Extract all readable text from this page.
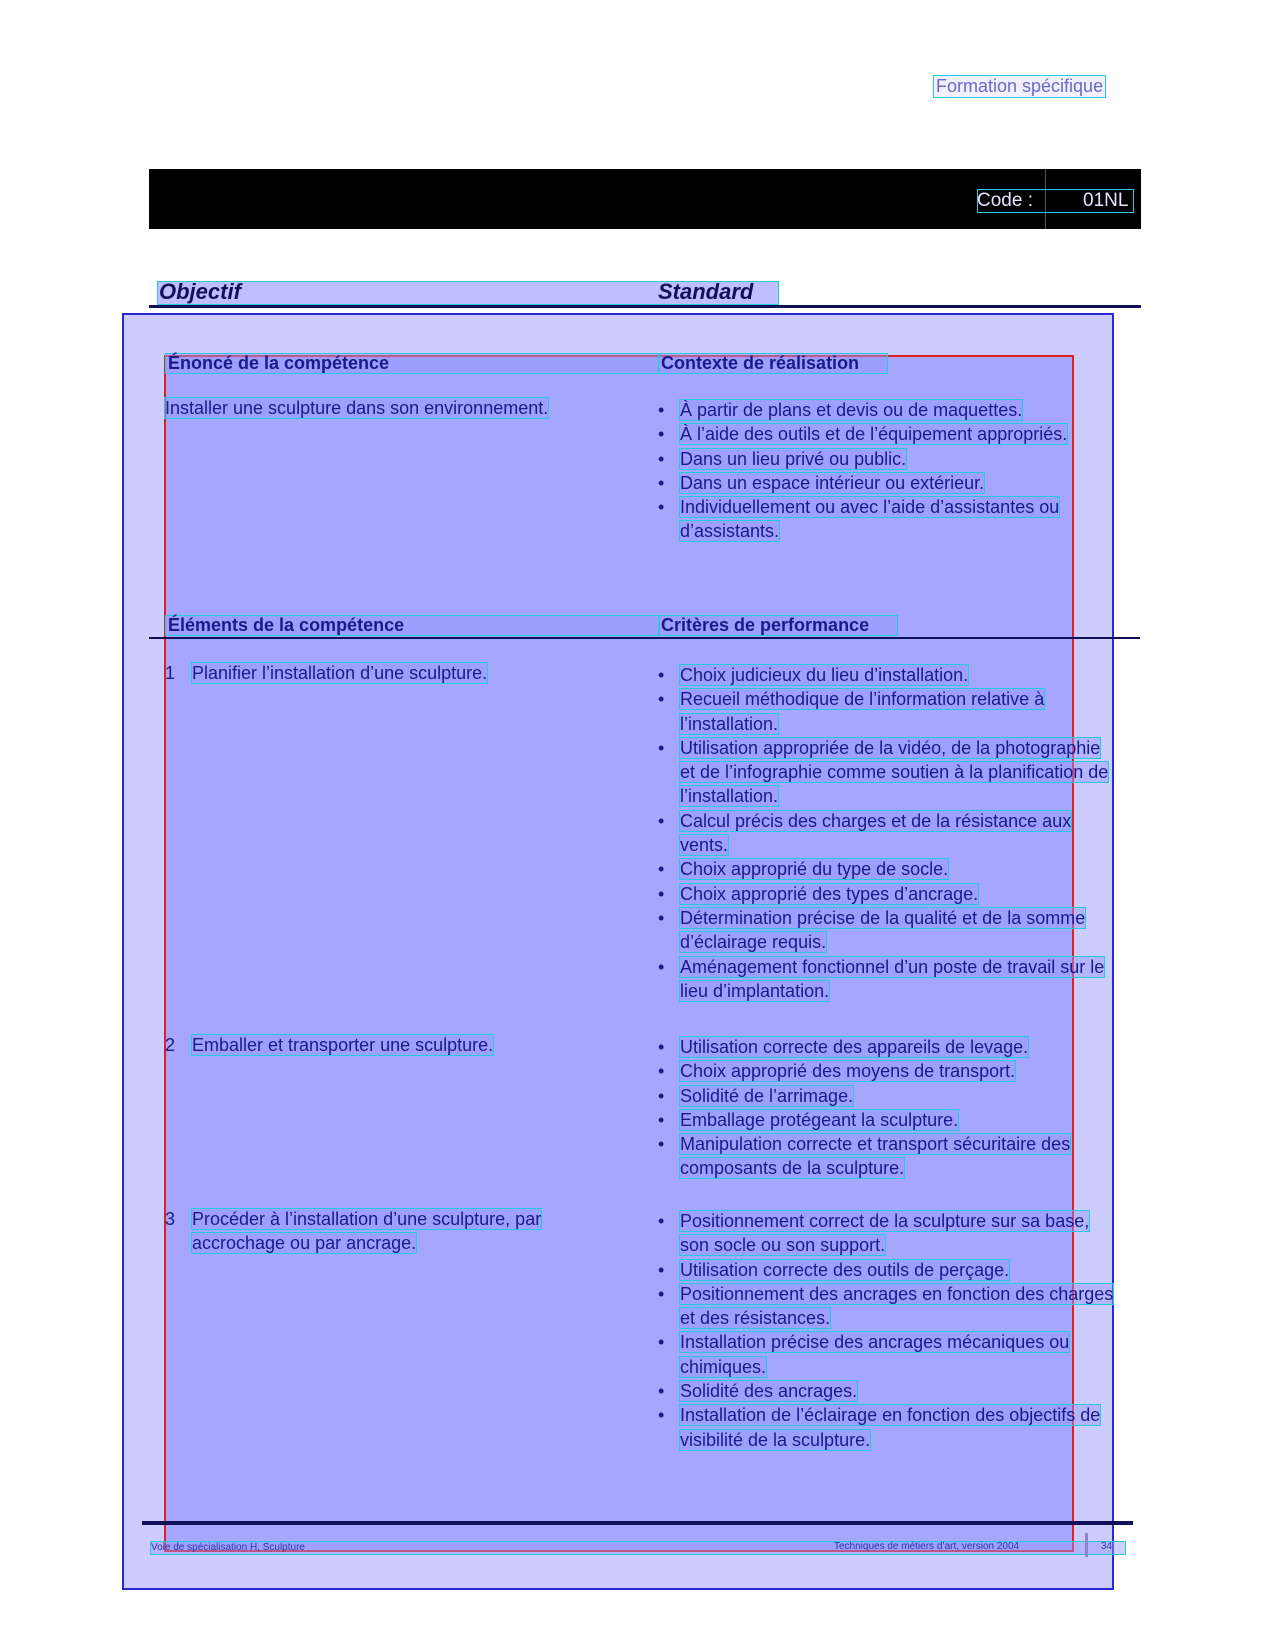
Formation spécifique
Code :	01NL
Objectif	Standard
Énoncé de la compétence	Contexte de réalisation
Installer une sculpture dans son environnement.	• À partir de plans et devis ou de maquettes.
• À l’aide des outils et de l’équipement appropriés.
• Dans un lieu privé ou public.
• Dans un espace intérieur ou extérieur.
• Individuellement ou avec l’aide d’assistantes ou d’assistants.
Éléments de la compétence	Critères de performance
1 Planifier l’installation d’une sculpture.	• Choix judicieux du lieu d’installation.
• Recueil méthodique de l’information relative à l’installation.
• Utilisation appropriée de la vidéo, de la photographie et de l’infographie comme soutien à la planification de l’installation.
• Calcul précis des charges et de la résistance aux vents.
• Choix approprié du type de socle.
• Choix approprié des types d’ancrage.
• Détermination précise de la qualité et de la somme d’éclairage requis.
• Aménagement fonctionnel d’un poste de travail sur le lieu d’implantation.
2 Emballer et transporter une sculpture.	• Utilisation correcte des appareils de levage.
• Choix approprié des moyens de transport.
• Solidité de l’arrimage.
• Emballage protégeant la sculpture.
• Manipulation correcte et transport sécuritaire des composants de la sculpture.
3 Procéder à l’installation d’une sculpture, par accrochage ou par ancrage.
• Positionnement correct de la sculpture sur sa base, son socle ou son support.
• Utilisation correcte des outils de perçage.
• Positionnement des ancrages en fonction des charges et des résistances.
• Installation précise des ancrages mécaniques ou chimiques.
• Solidité des ancrages.
• Installation de l’éclairage en fonction des objectifs de visibilité de la sculpture.
Voie de spécialisation H, Sculpture	Techniques de métiers d’art, version 2004	34
